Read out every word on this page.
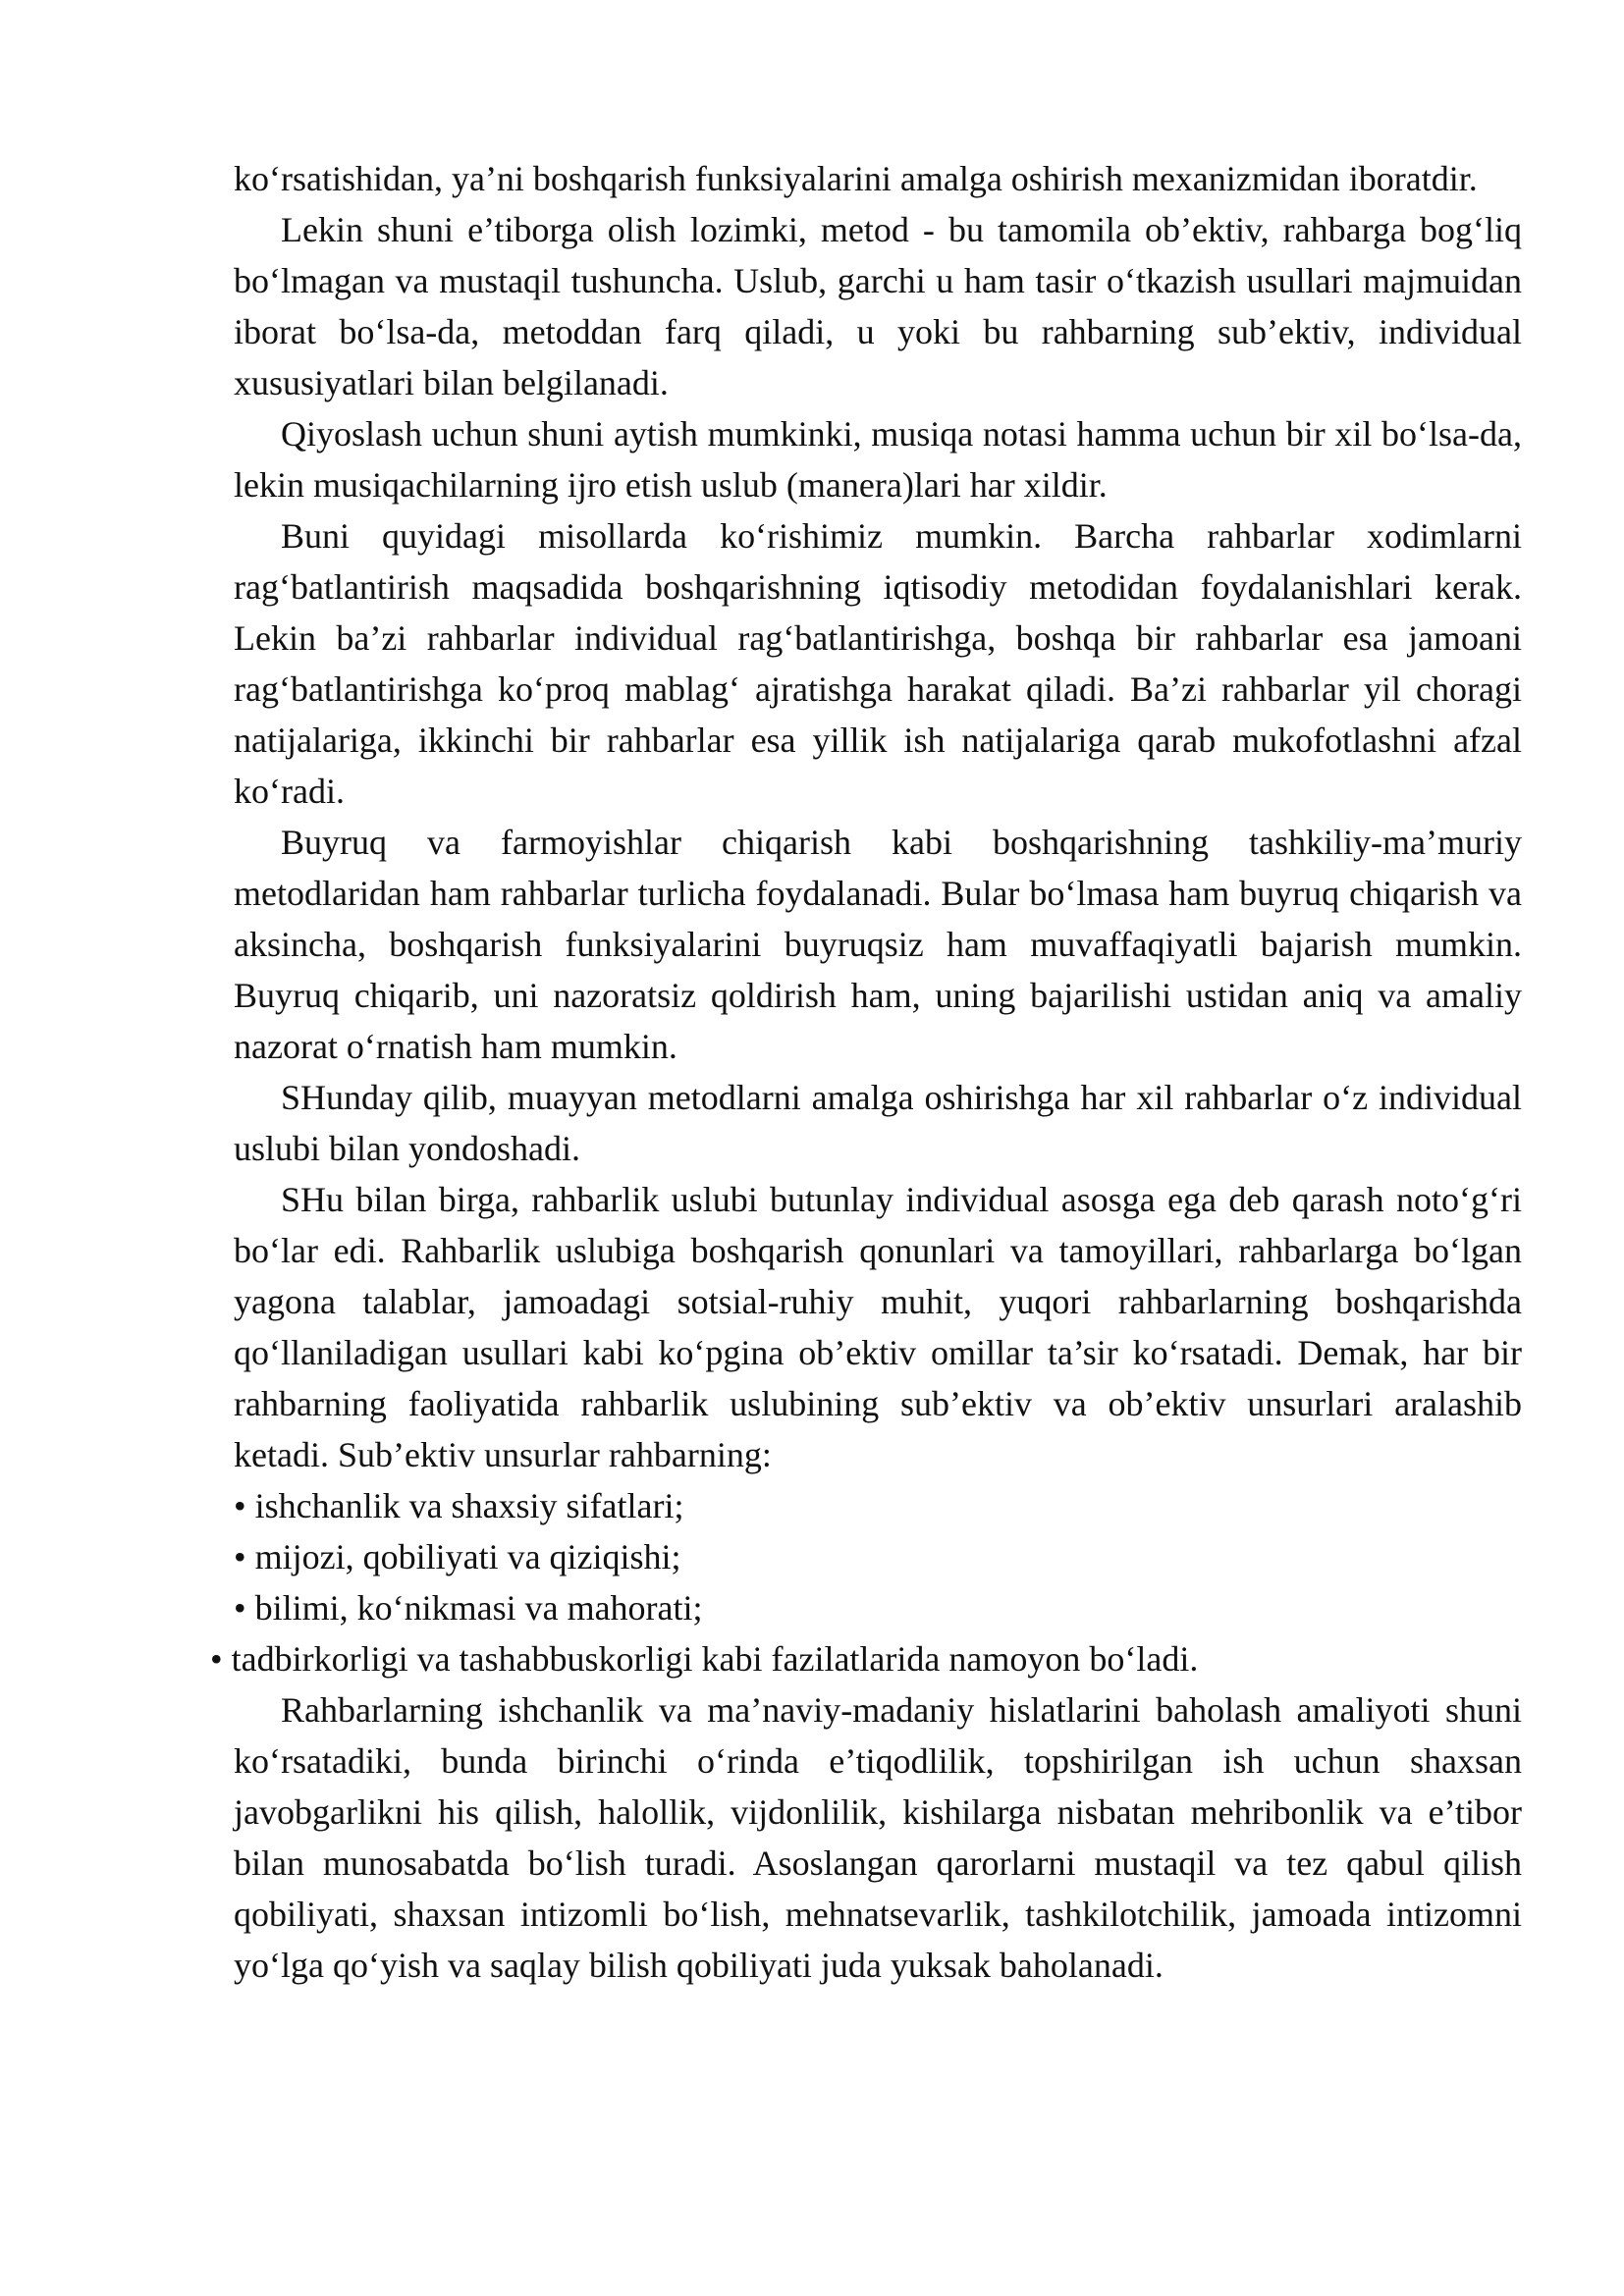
ko‘rsatishidan, ya’ni boshqarish funksiyalarini amalga oshirish mexanizmidan iboratdir.

Lekin shuni e’tiborga olish lozimki, metod - bu tamomila ob’ektiv, rahbarga bog‘liq bo‘lmagan va mustaqil tushuncha. Uslub, garchi u ham tasir o‘tkazish usullari majmuidan iborat bo‘lsa-da, metoddan farq qiladi, u yoki bu rahbarning sub’ektiv, individual xususiyatlari bilan belgilanadi.

Qiyoslash uchun shuni aytish mumkinki, musiqa notasi hamma uchun bir xil bo‘lsa-da, lekin musiqachilarning ijro etish uslub (manera)lari har xildir.

Buni quyidagi misollarda ko‘rishimiz mumkin. Barcha rahbarlar xodimlarni rag‘batlantirish maqsadida boshqarishning iqtisodiy metodidan foydalanishlari kerak. Lekin ba’zi rahbarlar individual rag‘batlantirishga, boshqa bir rahbarlar esa jamoani rag‘batlantirishga ko‘proq mablag‘ ajratishga harakat qiladi. Ba’zi rahbarlar yil choragi natijalariga, ikkinchi bir rahbarlar esa yillik ish natijalariga qarab mukofotlashni afzal ko‘radi.

Buyruq va farmoyishlar chiqarish kabi boshqarishning tashkiliy-ma’muriy metodlaridan ham rahbarlar turlicha foydalanadi. Bular bo‘lmasa ham buyruq chiqarish va aksincha, boshqarish funksiyalarini buyruqsiz ham muvaffaqiyatli bajarish mumkin. Buyruq chiqarib, uni nazoratsiz qoldirish ham, uning bajarilishi ustidan aniq va amaliy nazorat o‘rnatish ham mumkin.

SHunday qilib, muayyan metodlarni amalga oshirishga har xil rahbarlar o‘z individual uslubi bilan yondoshadi.

SHu bilan birga, rahbarlik uslubi butunlay individual asosga ega deb qarash noto‘g‘ri bo‘lar edi. Rahbarlik uslubiga boshqarish qonunlari va tamoyillari, rahbarlarga bo‘lgan yagona talablar, jamoadagi sotsial-ruhiy muhit, yuqori rahbarlarning boshqarishda qo‘llaniladigan usullari kabi ko‘pgina ob’ektiv omillar ta’sir ko‘rsatadi. Demak, har bir rahbarning faoliyatida rahbarlik uslubining sub’ektiv va ob’ektiv unsurlari aralashib ketadi. Sub’ektiv unsurlar rahbarning:

• ishchanlik va shaxsiy sifatlari;

• mijozi, qobiliyati va qiziqishi;

• bilimi, ko‘nikmasi va mahorati;

• tadbirkorligi va tashabbuskorligi kabi fazilatlarida namoyon bo‘ladi.

Rahbarlarning ishchanlik va ma’naviy-madaniy hislatlarini baholash amaliyoti shuni ko‘rsatadiki, bunda birinchi o‘rinda e’tiqodlilik, topshirilgan ish uchun shaxsan javobgarlikni his qilish, halollik, vijdonlilik, kishilarga nisbatan mehribonlik va e’tibor bilan munosabatda bo‘lish turadi. Asoslangan qarorlarni mustaqil va tez qabul qilish qobiliyati, shaxsan intizomli bo‘lish, mehnatsevarlik, tashkilotchilik, jamoada intizomni yo‘lga qo‘yish va saqlay bilish qobiliyati juda yuksak baholanadi.
